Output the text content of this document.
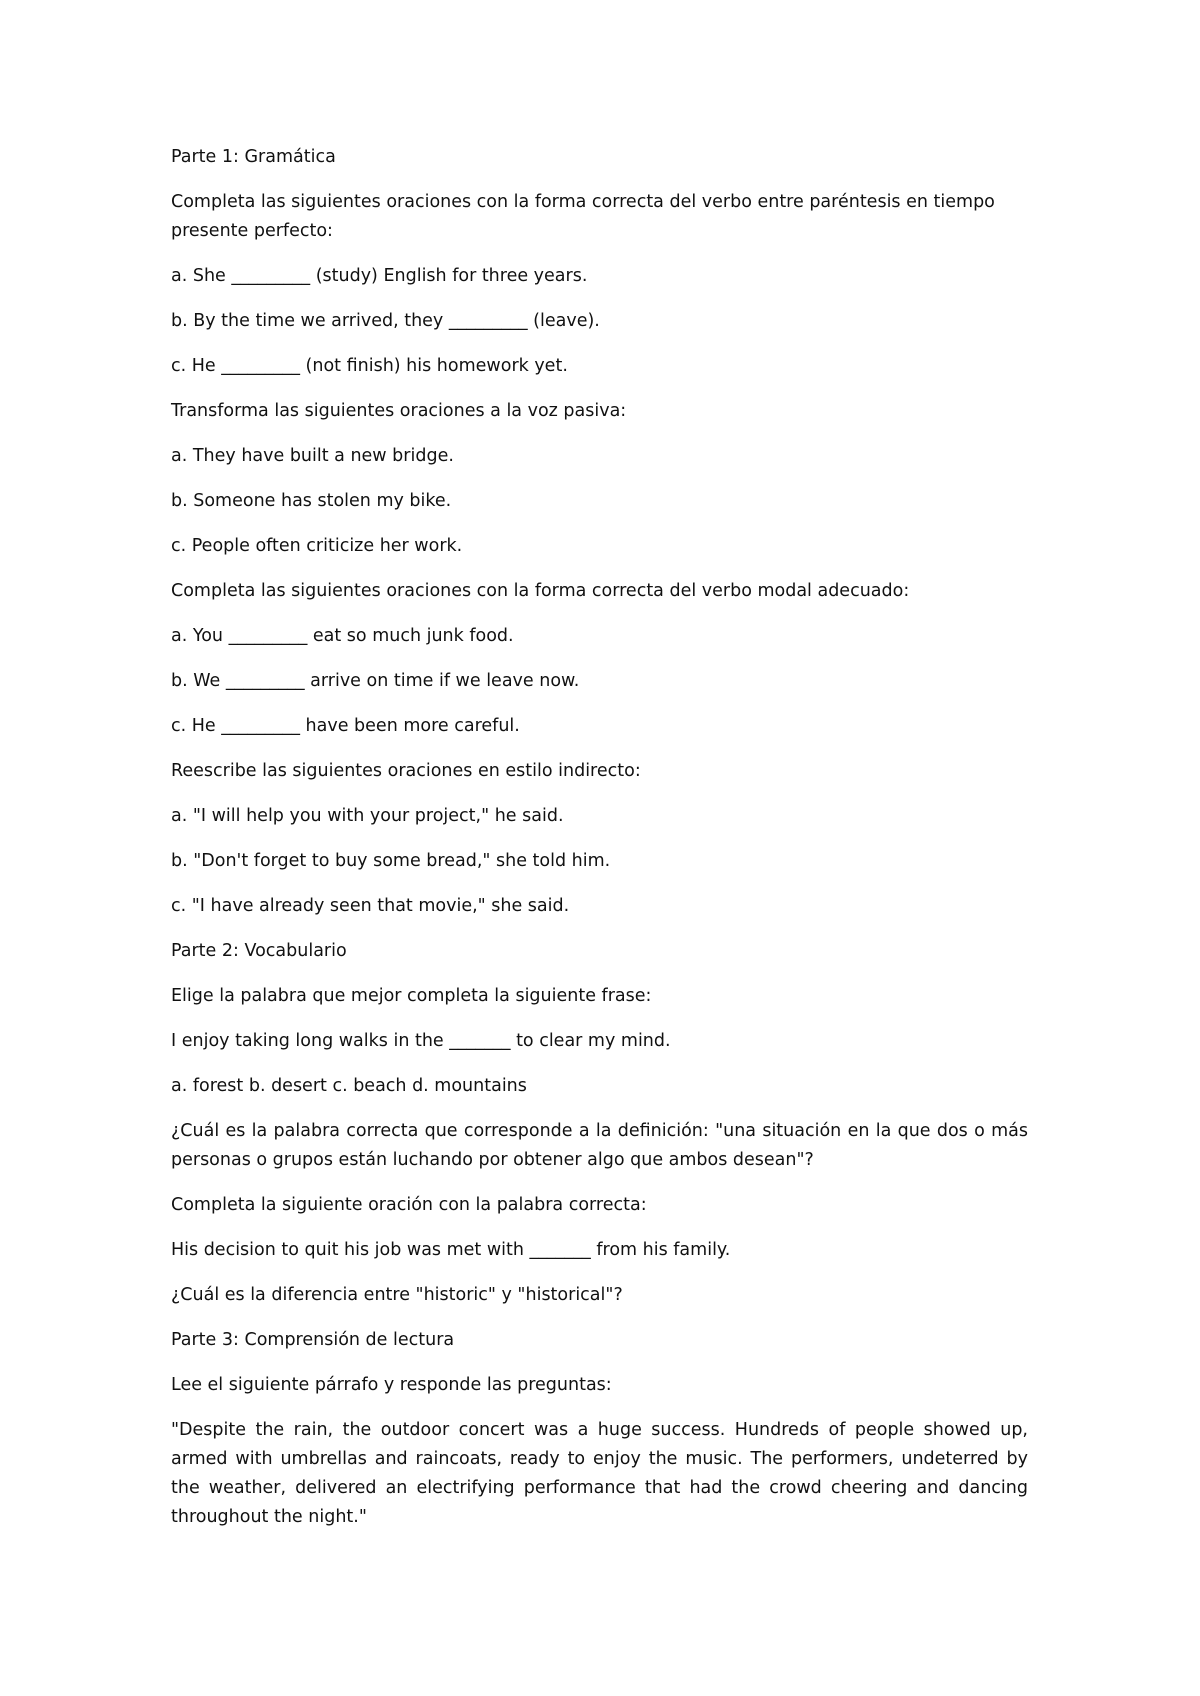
Parte 1: Gramática

Completa las siguientes oraciones con la forma correcta del verbo entre paréntesis en tiempo presente perfecto:

a. She _________ (study) English for three years.

b. By the time we arrived, they _________ (leave).

c. He _________ (not finish) his homework yet.

Transforma las siguientes oraciones a la voz pasiva:

a. They have built a new bridge.

b. Someone has stolen my bike.

c. People often criticize her work.

Completa las siguientes oraciones con la forma correcta del verbo modal adecuado:

a. You _________ eat so much junk food.

b. We _________ arrive on time if we leave now.

c. He _________ have been more careful.

Reescribe las siguientes oraciones en estilo indirecto:

a. "I will help you with your project," he said.

b. "Don't forget to buy some bread," she told him.

c. "I have already seen that movie," she said.

Parte 2: Vocabulario

Elige la palabra que mejor completa la siguiente frase:

I enjoy taking long walks in the _______ to clear my mind.

a. forest b. desert c. beach d. mountains

¿Cuál es la palabra correcta que corresponde a la definición: "una situación en la que dos o más personas o grupos están luchando por obtener algo que ambos desean"?

Completa la siguiente oración con la palabra correcta:

His decision to quit his job was met with _______ from his family.

¿Cuál es la diferencia entre "historic" y "historical"?

Parte 3: Comprensión de lectura

Lee el siguiente párrafo y responde las preguntas:

"Despite the rain, the outdoor concert was a huge success. Hundreds of people showed up, armed with umbrellas and raincoats, ready to enjoy the music. The performers, undeterred by the weather, delivered an electrifying performance that had the crowd cheering and dancing throughout the night."
